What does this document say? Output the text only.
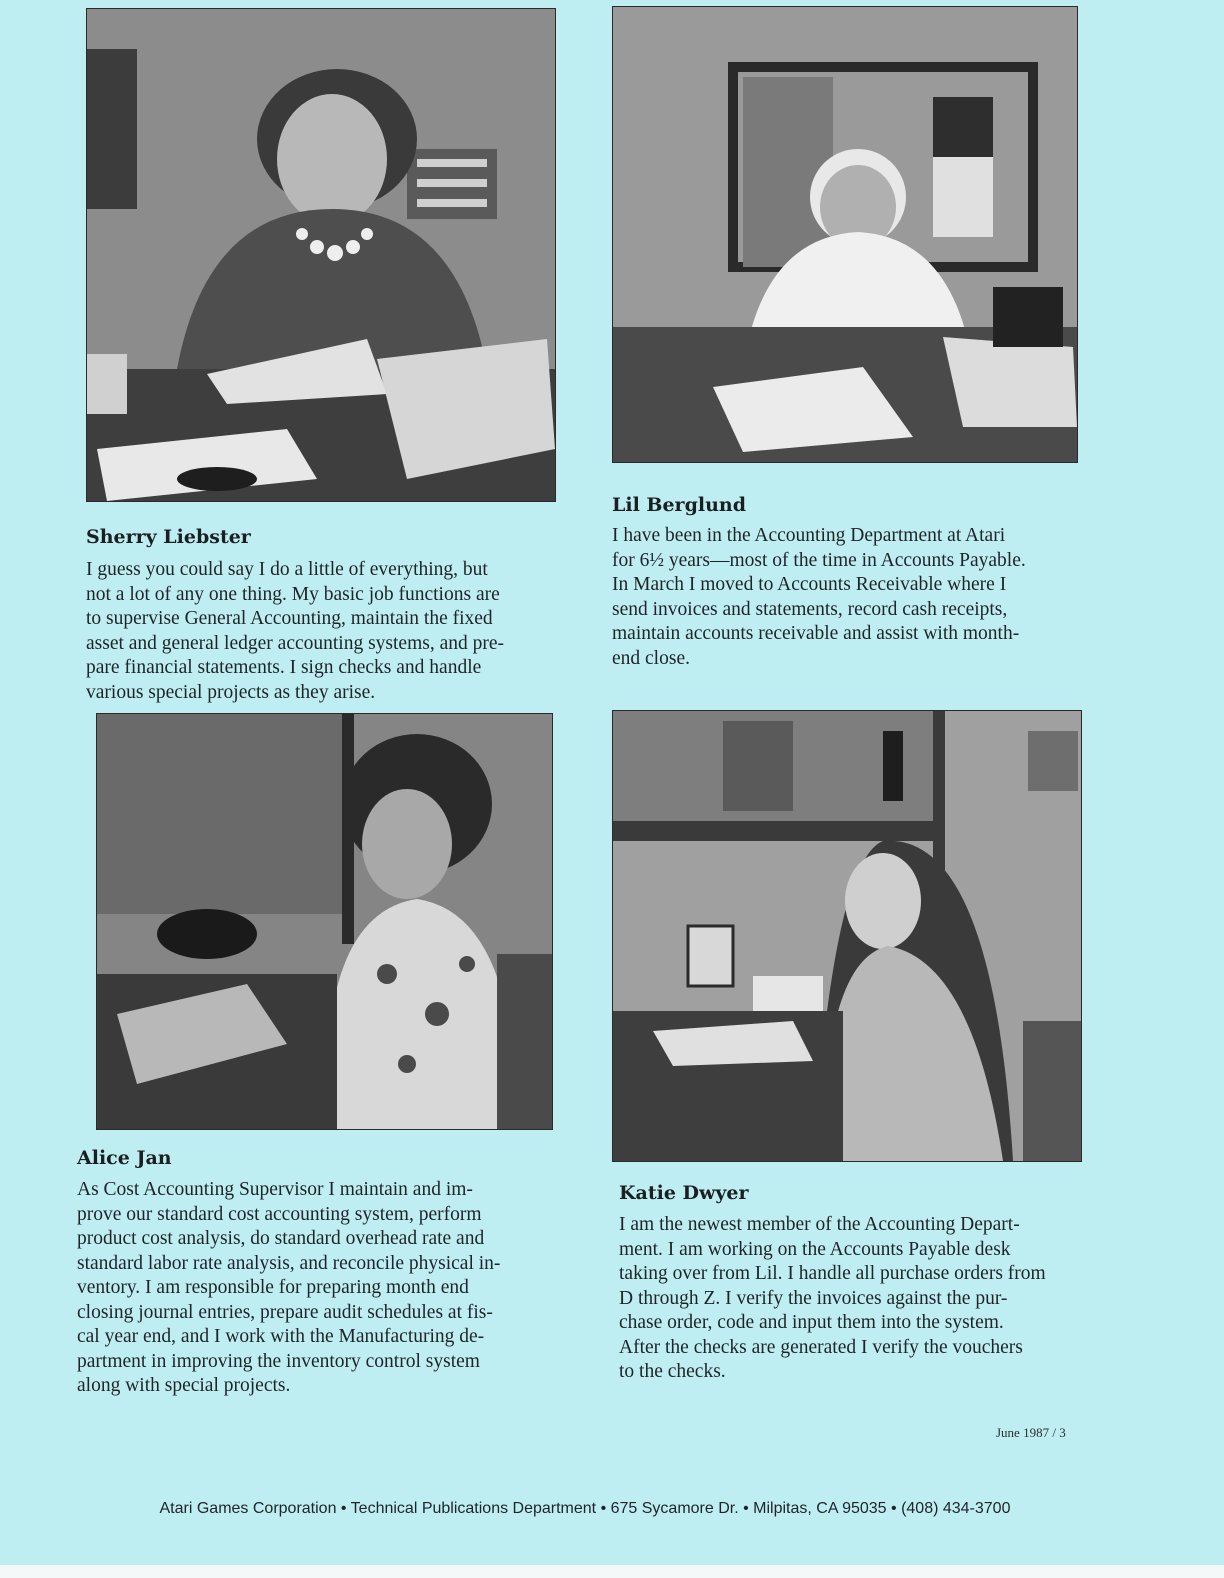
Sherry Liebster

I guess you could say I do a little of everything, but
not a lot of any one thing. My basic job functions are
to supervise General Accounting, maintain the fixed
asset and general ledger accounting systems, and pre-
pare financial statements. I sign checks and handle
various special projects as they arise.

Lil Berglund

I have been in the Accounting Department at Atari
for 6½ years—most of the time in Accounts Payable.
In March I moved to Accounts Receivable where I
send invoices and statements, record cash receipts,
maintain accounts receivable and assist with month-
end close.

Alice Jan

As Cost Accounting Supervisor I maintain and im-
prove our standard cost accounting system, perform
product cost analysis, do standard overhead rate and
standard labor rate analysis, and reconcile physical in-
ventory. I am responsible for preparing month end
closing journal entries, prepare audit schedules at fis-
cal year end, and I work with the Manufacturing de-
partment in improving the inventory control system
along with special projects.

Katie Dwyer

I am the newest member of the Accounting Depart-
ment. I am working on the Accounts Payable desk
taking over from Lil. I handle all purchase orders from
D through Z. I verify the invoices against the pur-
chase order, code and input them into the system.
After the checks are generated I verify the vouchers
to the checks.

June 1987 / 3
Atari Games Corporation • Technical Publications Department • 675 Sycamore Dr. • Milpitas, CA 95035 • (408) 434-3700
